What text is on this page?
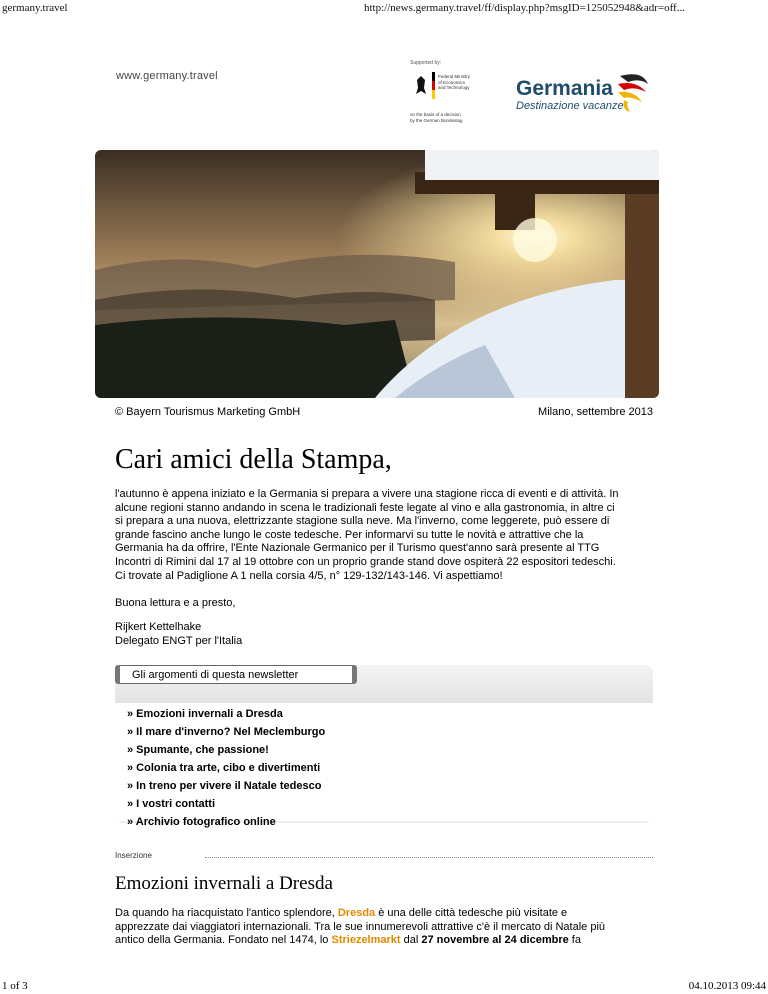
germany.travel	http://news.germany.travel/ff/display.php?msgID=125052948&adr=off...
www.germany.travel
Supported by:
Federal Ministry
of Economics
and Technology
on the basis of a decision
by the German Bundestag
Germania
Destinazione vacanze
© Bayern Tourismus Marketing GmbH	Milano, settembre 2013
Cari amici della Stampa,
l'autunno è appena iniziato e la Germania si prepara a vivere una stagione ricca di eventi e di attività. In
alcune regioni stanno andando in scena le tradizionali feste legate al vino e alla gastronomia, in altre ci
si prepara a una nuova, elettrizzante stagione sulla neve. Ma l'inverno, come leggerete, può essere di
grande fascino anche lungo le coste tedesche. Per informarvi su tutte le novità e attrattive che la
Germania ha da offrire, l'Ente Nazionale Germanico per il Turismo quest'anno sarà presente al TTG
Incontri di Rimini dal 17 al 19 ottobre con un proprio grande stand dove ospiterà 22 espositori tedeschi.
Ci trovate al Padiglione A 1 nella corsia 4/5, n° 129-132/143-146. Vi aspettiamo!
Buona lettura e a presto,
Rijkert Kettelhake
Delegato ENGT per l'Italia
Gli argomenti di questa newsletter
» Emozioni invernali a Dresda
» Il mare d'inverno? Nel Meclemburgo
» Spumante, che passione!
» Colonia tra arte, cibo e divertimenti
» In treno per vivere il Natale tedesco
» I vostri contatti
» Archivio fotografico online
Inserzione
Emozioni invernali a Dresda
Da quando ha riacquistato l'antico splendore, Dresda è una delle città tedesche più visitate e
apprezzate dai viaggiatori internazionali. Tra le sue innumerevoli attrattive c'è il mercato di Natale più
antico della Germania. Fondato nel 1474, lo Striezelmarkt dal 27 novembre al 24 dicembre fa
1 of 3	04.10.2013 09:44
